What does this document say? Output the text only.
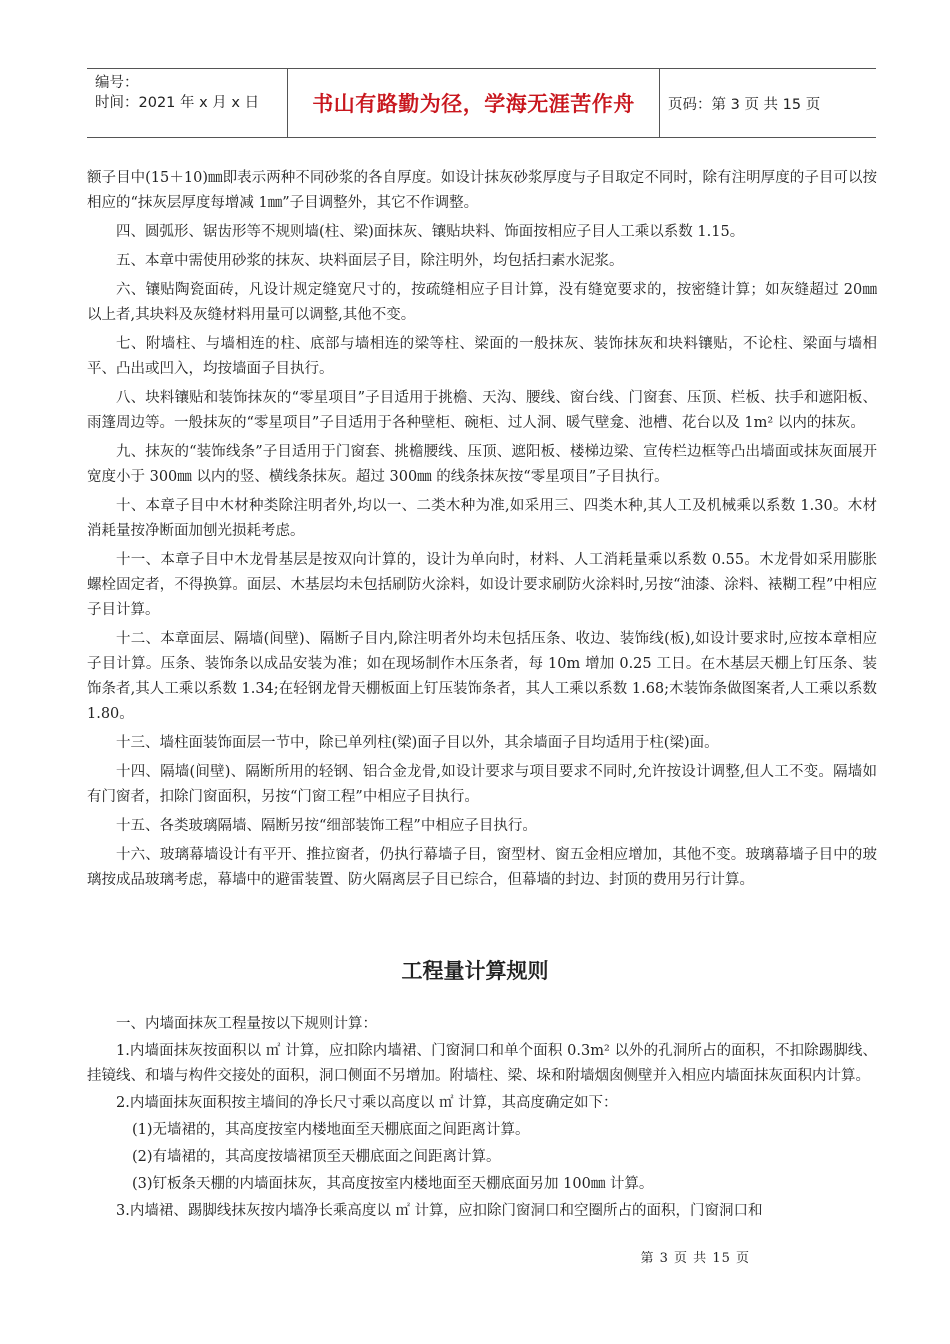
编号：
时间：2021 年 x 月 x 日	书山有路勤为径，学海无涯苦作舟 页码：第 3 页 共 15 页

额子目中(15＋10)㎜即表示两种不同砂浆的各自厚度。如设计抹灰砂浆厚度与子目取定不同时，除有注明厚度的子目可以按相应的“抹灰层厚度每增减 1㎜”子目调整外，其它不作调整。

四、圆弧形、锯齿形等不规则墙(柱、梁)面抹灰、镶贴块料、饰面按相应子目人工乘以系数 1.15。

五、本章中需使用砂浆的抹灰、块料面层子目，除注明外，均包括扫素水泥浆。

六、镶贴陶瓷面砖，凡设计规定缝宽尺寸的，按疏缝相应子目计算，没有缝宽要求的，按密缝计算；如灰缝超过 20㎜ 以上者,其块料及灰缝材料用量可以调整,其他不变。

七、附墙柱、与墙相连的柱、底部与墙相连的梁等柱、梁面的一般抹灰、装饰抹灰和块料镶贴，不论柱、梁面与墙相平、凸出或凹入，均按墙面子目执行。

八、块料镶贴和装饰抹灰的“零星项目”子目适用于挑檐、天沟、腰线、窗台线、门窗套、压顶、栏板、扶手和遮阳板、雨篷周边等。一般抹灰的“零星项目”子目适用于各种壁柜、碗柜、过人洞、暖气壁龛、池槽、花台以及 1m² 以内的抹灰。

九、抹灰的“装饰线条”子目适用于门窗套、挑檐腰线、压顶、遮阳板、楼梯边梁、宣传栏边框等凸出墙面或抹灰面展开宽度小于 300㎜ 以内的竖、横线条抹灰。超过 300㎜ 的线条抹灰按“零星项目”子目执行。

十、本章子目中木材种类除注明者外,均以一、二类木种为准,如采用三、四类木种,其人工及机械乘以系数 1.30。木材消耗量按净断面加刨光损耗考虑。

十一、本章子目中木龙骨基层是按双向计算的，设计为单向时，材料、人工消耗量乘以系数 0.55。木龙骨如采用膨胀螺栓固定者，不得换算。面层、木基层均未包括刷防火涂料，如设计要求刷防火涂料时,另按“油漆、涂料、裱糊工程”中相应子目计算。

十二、本章面层、隔墙(间壁)、隔断子目内,除注明者外均未包括压条、收边、装饰线(板),如设计要求时,应按本章相应子目计算。压条、装饰条以成品安装为准；如在现场制作木压条者，每 10m 增加 0.25 工日。在木基层天棚上钉压条、装饰条者,其人工乘以系数 1.34;在轻钢龙骨天棚板面上钉压装饰条者，其人工乘以系数 1.68;木装饰条做图案者,人工乘以系数 1.80。

十三、墙柱面装饰面层一节中，除已单列柱(梁)面子目以外，其余墙面子目均适用于柱(梁)面。

十四、隔墙(间壁)、隔断所用的轻钢、铝合金龙骨,如设计要求与项目要求不同时,允许按设计调整,但人工不变。隔墙如有门窗者，扣除门窗面积，另按“门窗工程”中相应子目执行。

十五、各类玻璃隔墙、隔断另按“细部装饰工程”中相应子目执行。

十六、玻璃幕墙设计有平开、推拉窗者，仍执行幕墙子目，窗型材、窗五金相应增加，其他不变。玻璃幕墙子目中的玻璃按成品玻璃考虑，幕墙中的避雷装置、防火隔离层子目已综合，但幕墙的封边、封顶的费用另行计算。

工程量计算规则

一、内墙面抹灰工程量按以下规则计算：

1.内墙面抹灰按面积以 ㎡ 计算，应扣除内墙裙、门窗洞口和单个面积 0.3m² 以外的孔洞所占的面积，不扣除踢脚线、挂镜线、和墙与构件交接处的面积，洞口侧面不另增加。附墙柱、梁、垛和附墙烟囱侧壁并入相应内墙面抹灰面积内计算。

2.内墙面抹灰面积按主墙间的净长尺寸乘以高度以 ㎡ 计算，其高度确定如下：

(1)无墙裙的，其高度按室内楼地面至天棚底面之间距离计算。

(2)有墙裙的，其高度按墙裙顶至天棚底面之间距离计算。

(3)钉板条天棚的内墙面抹灰，其高度按室内楼地面至天棚底面另加 100㎜ 计算。

3.内墙裙、踢脚线抹灰按内墙净长乘高度以 ㎡ 计算，应扣除门窗洞口和空圈所占的面积，门窗洞口和

第 3 页 共 15 页
